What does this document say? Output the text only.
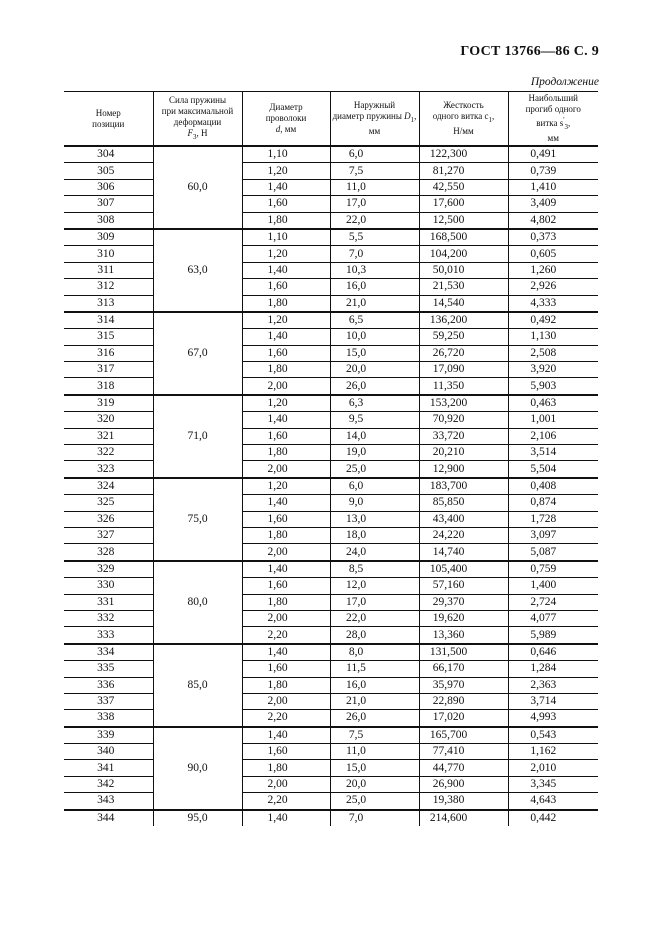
ГОСТ 13766—86 С. 9
Продолжение
Номер
позиции	Сила пружины
при максимальной
деформации
$F_3$, Н	Диаметр
проволоки
d, мм	Наружный
диаметр пружины $D_1$, мм	Жесткость
одного витка $c_1$,
Н/мм	Наибольший
прогиб одного
витка $s'_3$,
мм
304	60,0	1,10	6,0	122,300	0,491
305		1,20	7,5	81,270	0,739
306		1,40	11,0	42,550	1,410
307		1,60	17,0	17,600	3,409
308		1,80	22,0	12,500	4,802
309	63,0	1,10	5,5	168,500	0,373
310		1,20	7,0	104,200	0,605
311		1,40	10,3	50,010	1,260
312		1,60	16,0	21,530	2,926
313		1,80	21,0	14,540	4,333
314	67,0	1,20	6,5	136,200	0,492
315		1,40	10,0	59,250	1,130
316		1,60	15,0	26,720	2,508
317		1,80	20,0	17,090	3,920
318		2,00	26,0	11,350	5,903
319	71,0	1,20	6,3	153,200	0,463
320		1,40	9,5	70,920	1,001
321		1,60	14,0	33,720	2,106
322		1,80	19,0	20,210	3,514
323		2,00	25,0	12,900	5,504
324	75,0	1,20	6,0	183,700	0,408
325		1,40	9,0	85,850	0,874
326		1,60	13,0	43,400	1,728
327		1,80	18,0	24,220	3,097
328		2,00	24,0	14,740	5,087
329	80,0	1,40	8,5	105,400	0,759
330		1,60	12,0	57,160	1,400
331		1,80	17,0	29,370	2,724
332		2,00	22,0	19,620	4,077
333		2,20	28,0	13,360	5,989
334	85,0	1,40	8,0	131,500	0,646
335		1,60	11,5	66,170	1,284
336		1,80	16,0	35,970	2,363
337		2,00	21,0	22,890	3,714
338		2,20	26,0	17,020	4,993
339	90,0	1,40	7,5	165,700	0,543
340		1,60	11,0	77,410	1,162
341		1,80	15,0	44,770	2,010
342		2,00	20,0	26,900	3,345
343		2,20	25,0	19,380	4,643
344	95,0	1,40	7,0	214,600	0,442
